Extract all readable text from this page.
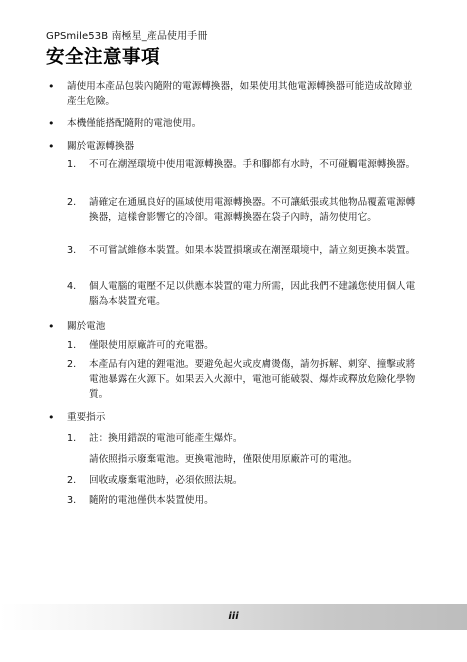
GPSmile53B 南極星_產品使用手冊
安全注意事項
• 請使用本產品包裝內隨附的電源轉換器，如果使用其他電源轉換器可能造成故障並產生危險。
• 本機僅能搭配隨附的電池使用。
• 關於電源轉換器
1. 不可在潮溼環境中使用電源轉換器。手和腳都有水時，不可碰觸電源轉換器。
2. 請確定在通風良好的區域使用電源轉換器。不可讓紙張或其他物品覆蓋電源轉換器，這樣會影響它的冷卻。電源轉換器在袋子內時，請勿使用它。
3. 不可嘗試維修本裝置。如果本裝置損壞或在潮溼環境中，請立刻更換本裝置。
4. 個人電腦的電壓不足以供應本裝置的電力所需，因此我們不建議您使用個人電腦為本裝置充電。
• 關於電池
1. 僅限使用原廠許可的充電器。
2. 本產品有內建的鋰電池。要避免起火或皮膚燙傷，請勿拆解、刺穿、撞擊或將電池暴露在火源下。如果丟入火源中，電池可能破裂、爆炸或釋放危險化學物質。
• 重要指示
1. 註：換用錯誤的電池可能產生爆炸。
請依照指示廢棄電池。更換電池時，僅限使用原廠許可的電池。
2. 回收或廢棄電池時，必須依照法規。
3. 隨附的電池僅供本裝置使用。
iii
